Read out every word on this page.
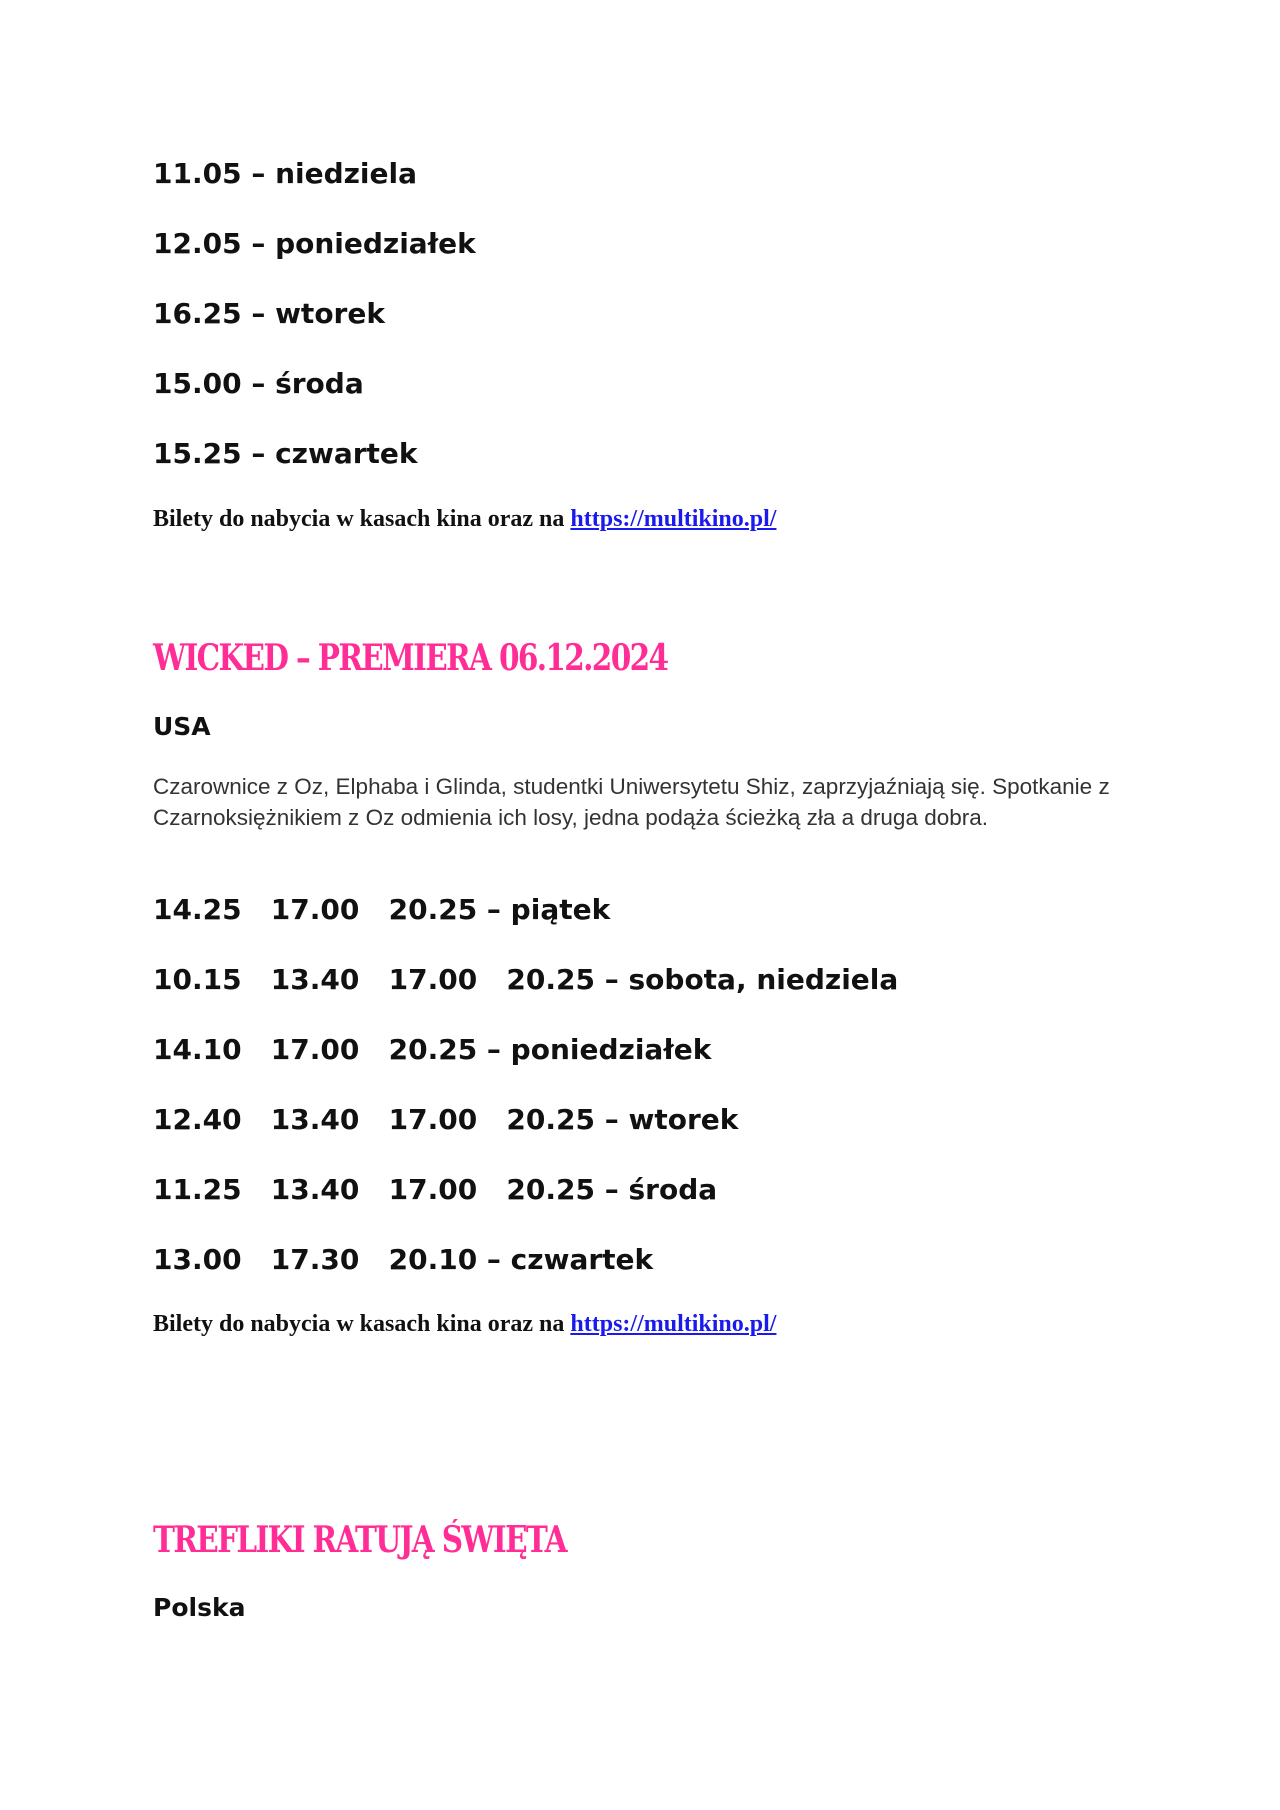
11.05 – niedziela
12.05 – poniedziałek
16.25 – wtorek
15.00 – środa
15.25 – czwartek
Bilety do nabycia w kasach kina oraz na https://multikino.pl/
WICKED – PREMIERA 06.12.2024
USA
Czarownice z Oz, Elphaba i Glinda, studentki Uniwersytetu Shiz, zaprzyjaźniają się. Spotkanie z Czarnoksiężnikiem z Oz odmienia ich losy, jedna podąża ścieżką zła a druga dobra.
14.25   17.00   20.25 – piątek
10.15   13.40   17.00   20.25 – sobota, niedziela
14.10   17.00   20.25 – poniedziałek
12.40   13.40   17.00   20.25 – wtorek
11.25   13.40   17.00   20.25 – środa
13.00   17.30   20.10 – czwartek
Bilety do nabycia w kasach kina oraz na https://multikino.pl/
TREFLIKI RATUJĄ ŚWIĘTA
Polska
